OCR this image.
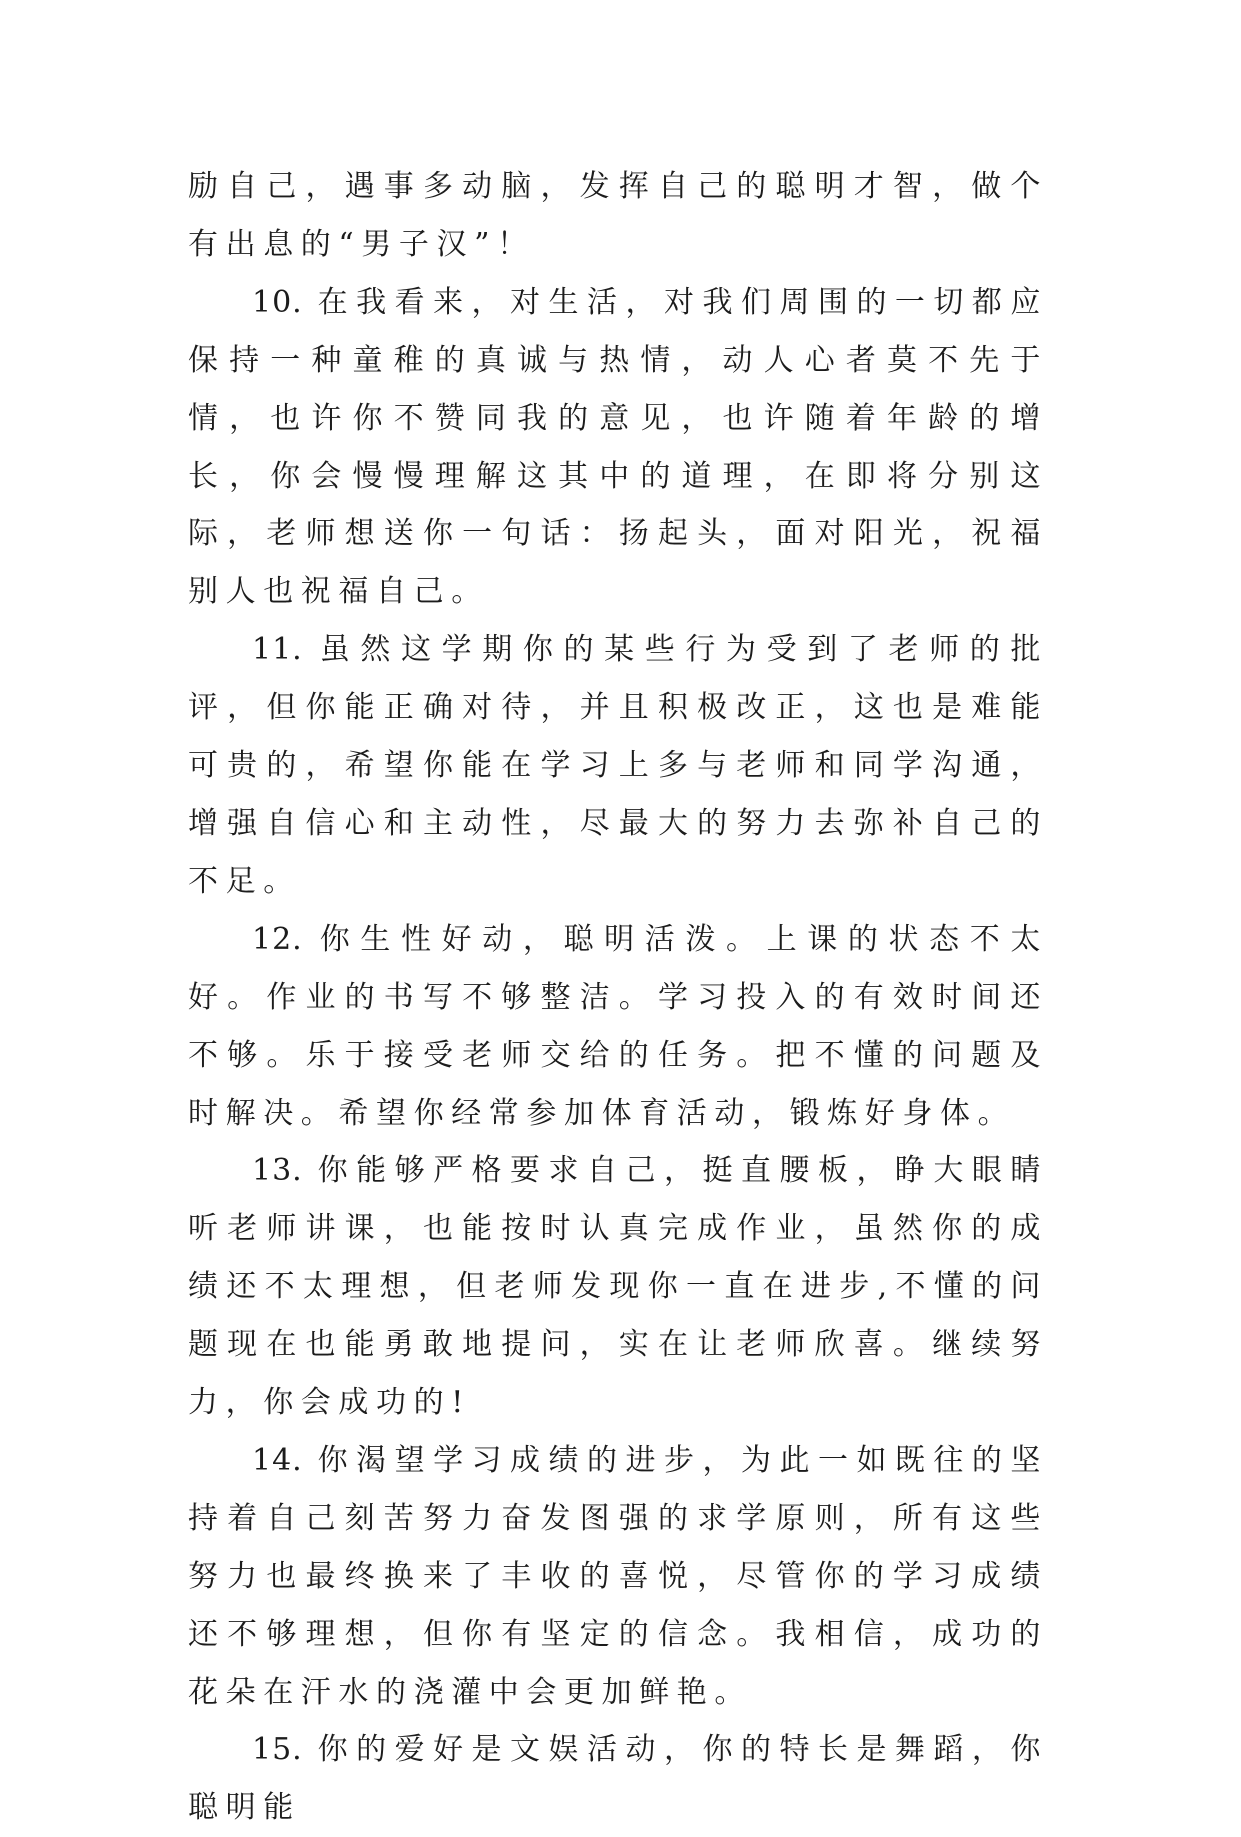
励自己，遇事多动脑，发挥自己的聪明才智，做个有出息的“男子汉”！

10. 在我看来，对生活，对我们周围的一切都应保持一种童稚的真诚与热情，动人心者莫不先于情，也许你不赞同我的意见，也许随着年龄的增长，你会慢慢理解这其中的道理，在即将分别这际，老师想送你一句话：扬起头，面对阳光，祝福别人也祝福自己。

11. 虽然这学期你的某些行为受到了老师的批评，但你能正确对待，并且积极改正，这也是难能可贵的，希望你能在学习上多与老师和同学沟通，增强自信心和主动性，尽最大的努力去弥补自己的不足。

12. 你生性好动，聪明活泼。上课的状态不太好。作业的书写不够整洁。学习投入的有效时间还不够。乐于接受老师交给的任务。把不懂的问题及时解决。希望你经常参加体育活动，锻炼好身体。

13. 你能够严格要求自己，挺直腰板，睁大眼睛听老师讲课，也能按时认真完成作业，虽然你的成绩还不太理想，但老师发现你一直在进步,不懂的问题现在也能勇敢地提问，实在让老师欣喜。继续努力，你会成功的!

14. 你渴望学习成绩的进步，为此一如既往的坚持着自己刻苦努力奋发图强的求学原则，所有这些努力也最终换来了丰收的喜悦，尽管你的学习成绩还不够理想，但你有坚定的信念。我相信，成功的花朵在汗水的浇灌中会更加鲜艳。

15. 你的爱好是文娱活动，你的特长是舞蹈，你聪明能
